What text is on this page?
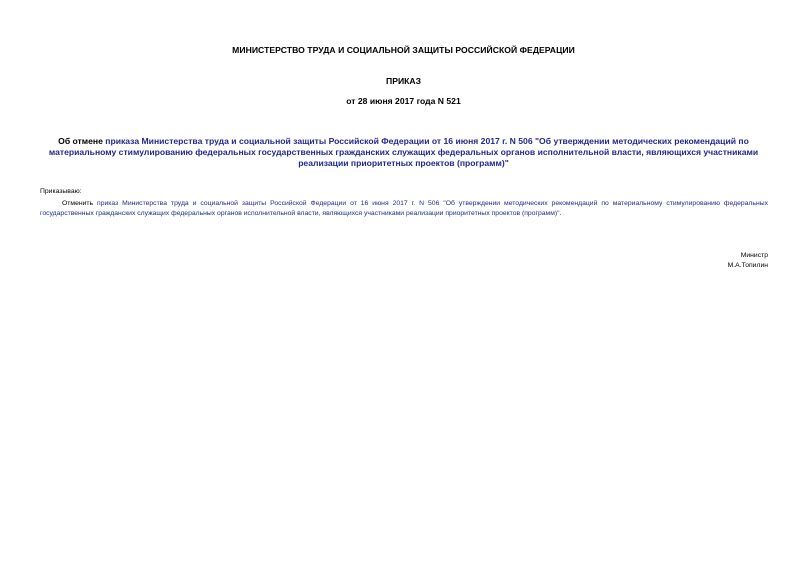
МИНИСТЕРСТВО ТРУДА И СОЦИАЛЬНОЙ ЗАЩИТЫ РОССИЙСКОЙ ФЕДЕРАЦИИ
ПРИКАЗ
от 28 июня 2017 года N 521
Об отмене приказа Министерства труда и социальной защиты Российской Федерации от 16 июня 2017 г. N 506 "Об утверждении методических рекомендаций по материальному стимулированию федеральных государственных гражданских служащих федеральных органов исполнительной власти, являющихся участниками реализации приоритетных проектов (программ)"
Приказываю:
Отменить приказ Министерства труда и социальной защиты Российской Федерации от 16 июня 2017 г. N 506 "Об утверждении методических рекомендаций по материальному стимулированию федеральных государственных гражданских служащих федеральных органов исполнительной власти, являющихся участниками реализации приоритетных проектов (программ)".
Министр
М.А.Топилин
